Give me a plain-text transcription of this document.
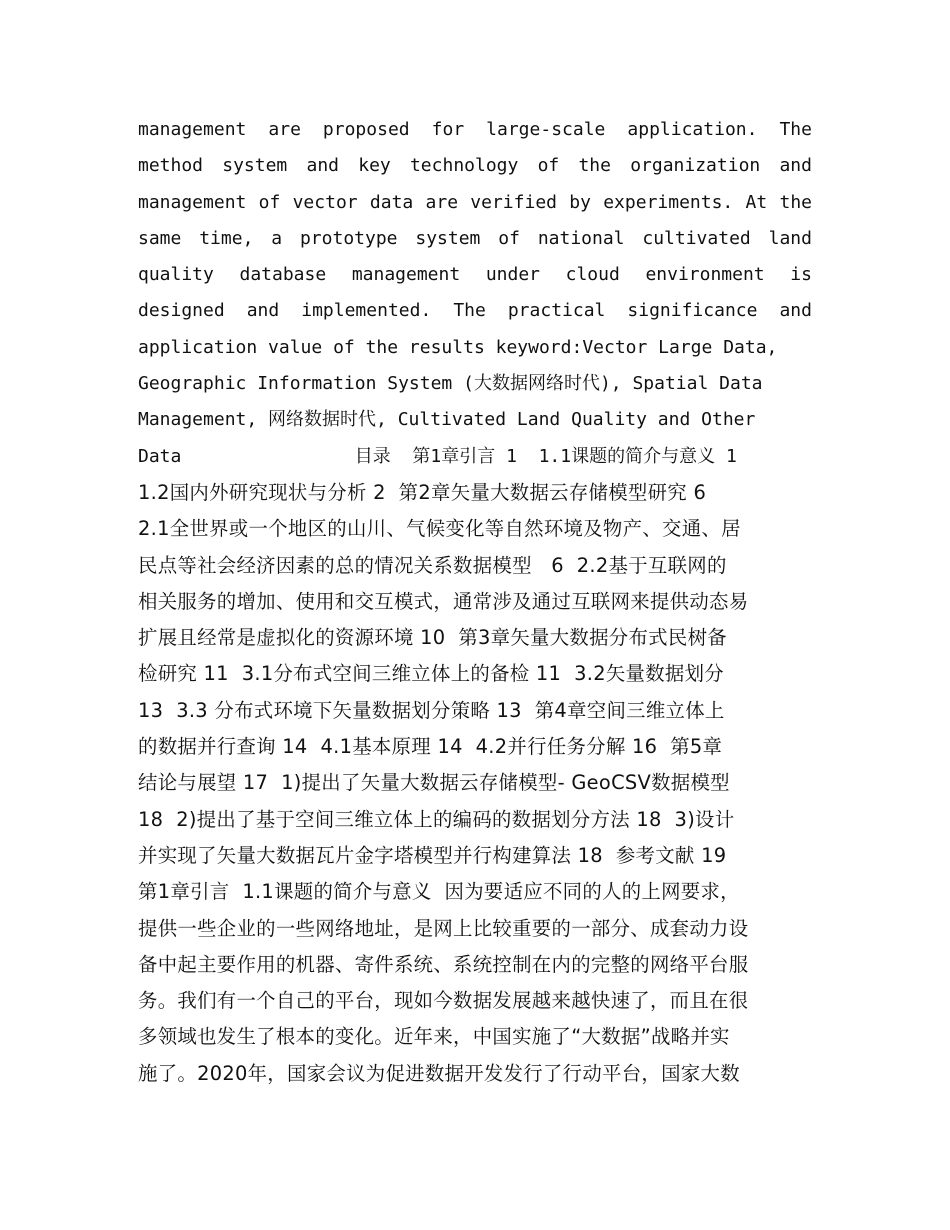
management are proposed for large-scale application. The
method system and key technology of the organization and
management of vector data are verified by experiments. At the
same time, a prototype system of national cultivated land
quality database management under cloud environment is
designed and implemented. The practical significance and
application value of the results keyword:Vector Large Data,
Geographic Information System (大数据网络时代), Spatial Data
Management, 网络数据时代, Cultivated Land Quality and Other
Data                目录  第1章引言 1  1.1课题的简介与意义 1
1.2国内外研究现状与分析 2  第2章矢量大数据云存储模型研究 6
2.1全世界或一个地区的山川、气候变化等自然环境及物产、交通、居
民点等社会经济因素的总的情况关系数据模型   6  2.2基于互联网的
相关服务的增加、使用和交互模式，通常涉及通过互联网来提供动态易
扩展且经常是虚拟化的资源环境 10  第3章矢量大数据分布式民树备
检研究 11  3.1分布式空间三维立体上的备检 11  3.2矢量数据划分
13  3.3 分布式环境下矢量数据划分策略 13  第4章空间三维立体上
的数据并行查询 14  4.1基本原理 14  4.2并行任务分解 16  第5章
结论与展望 17  1)提出了矢量大数据云存储模型- GeoCSV数据模型
18  2)提出了基于空间三维立体上的编码的数据划分方法 18  3)设计
并实现了矢量大数据瓦片金字塔模型并行构建算法 18  参考文献 19
第1章引言  1.1课题的简介与意义  因为要适应不同的人的上网要求，
提供一些企业的一些网络地址，是网上比较重要的一部分、成套动力设
备中起主要作用的机器、寄件系统、系统控制在内的完整的网络平台服
务。我们有一个自己的平台，现如今数据发展越来越快速了，而且在很
多领域也发生了根本的变化。近年来，中国实施了“大数据”战略并实
施了。2020年，国家会议为促进数据开发发行了行动平台，国家大数
